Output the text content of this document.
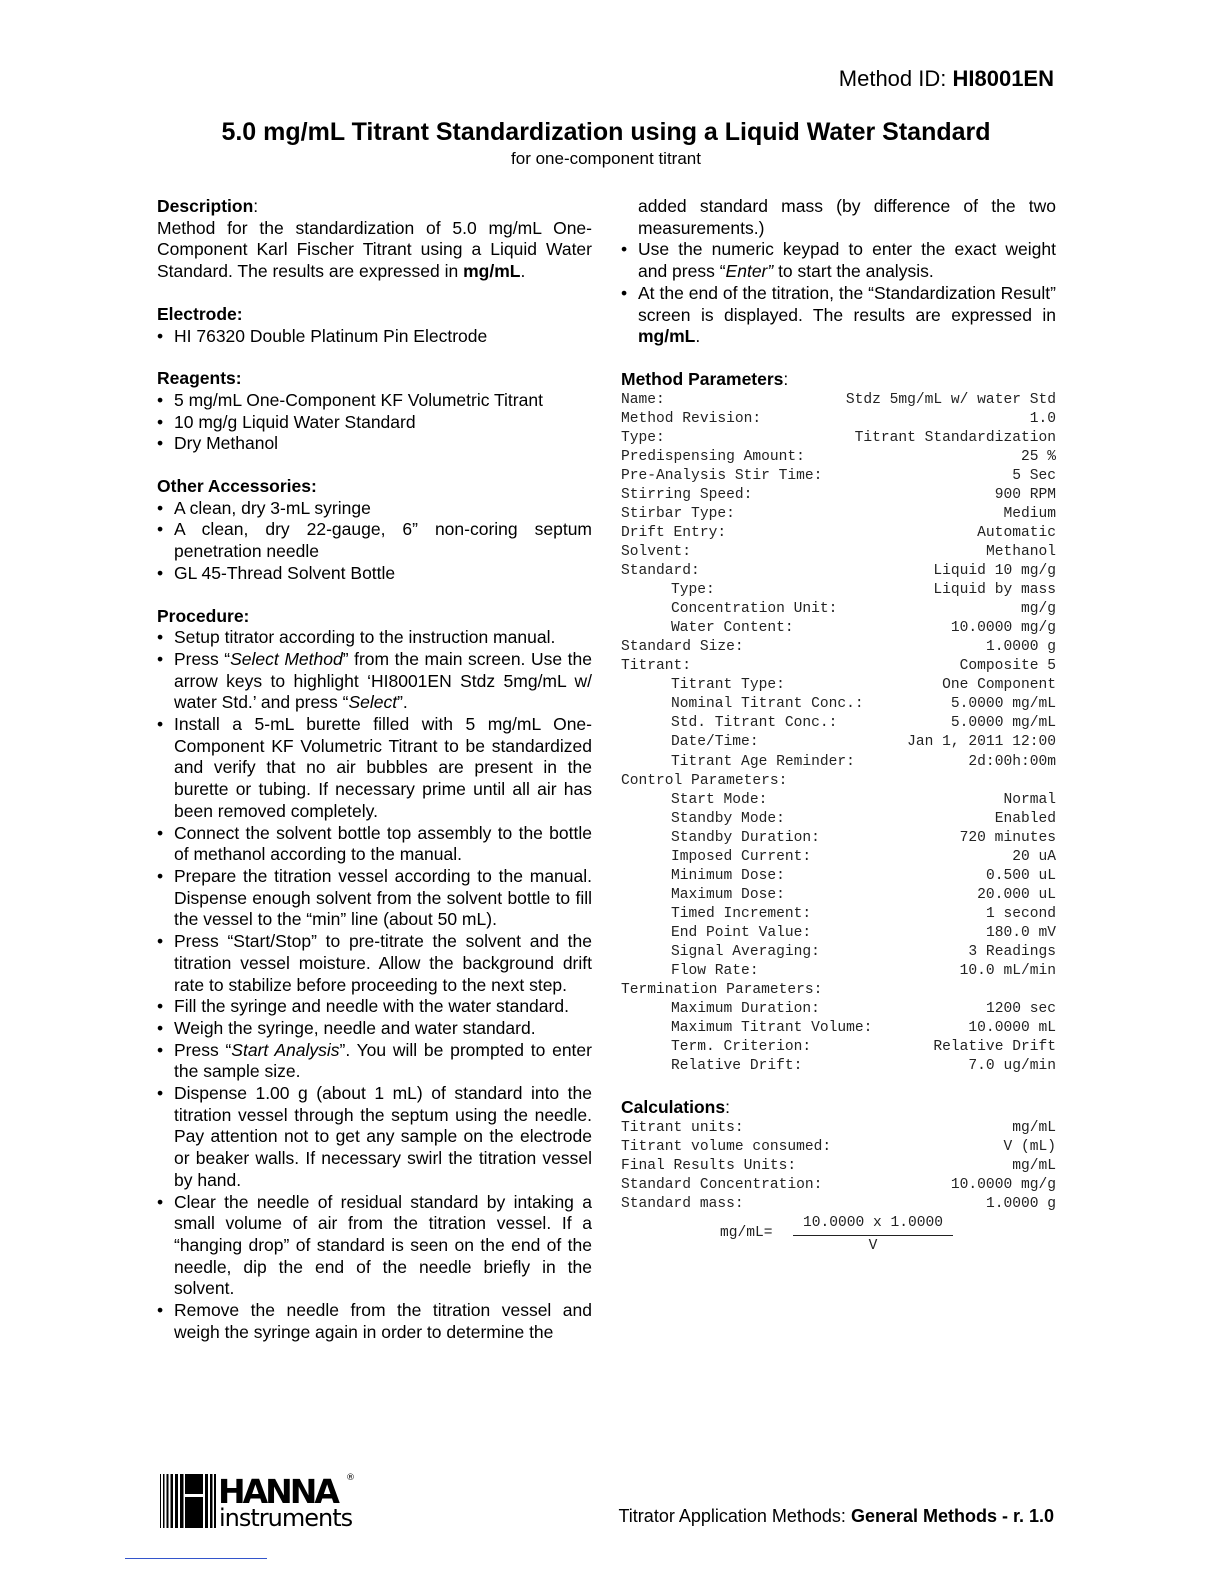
Method ID: HI8001EN
5.0 mg/mL Titrant Standardization using a Liquid Water Standard
for one-component titrant

Description:

Method for the standardization of 5.0 mg/mL One-Component Karl Fischer Titrant using a Liquid Water Standard. The results are expressed in mg/mL.

Electrode:

• HI 76320 Double Platinum Pin Electrode

Reagents:

• 5 mg/mL One-Component KF Volumetric Titrant
• 10 mg/g Liquid Water Standard
• Dry Methanol

Other Accessories:

• A clean, dry 3-mL syringe
• A clean, dry 22-gauge, 6” non-coring septum penetration needle
• GL 45-Thread Solvent Bottle

Procedure:

• Setup titrator according to the instruction manual.
• Press “Select Method” from the main screen. Use the arrow keys to highlight ‘HI8001EN Stdz 5mg/mL w/ water Std.’ and press “Select”.
• Install a 5-mL burette filled with 5 mg/mL One-Component KF Volumetric Titrant to be standardized and verify that no air bubbles are present in the burette or tubing. If necessary prime until all air has been removed completely.
• Connect the solvent bottle top assembly to the bottle of methanol according to the manual.
• Prepare the titration vessel according to the manual. Dispense enough solvent from the solvent bottle to fill the vessel to the “min” line (about 50 mL).
• Press “Start/Stop” to pre-titrate the solvent and the titration vessel moisture. Allow the background drift rate to stabilize before proceeding to the next step.
• Fill the syringe and needle with the water standard.
• Weigh the syringe, needle and water standard.
• Press “Start Analysis”. You will be prompted to enter the sample size.
• Dispense 1.00 g (about 1 mL) of standard into the titration vessel through the septum using the needle. Pay attention not to get any sample on the electrode or beaker walls. If necessary swirl the titration vessel by hand.
• Clear the needle of residual standard by intaking a small volume of air from the titration vessel. If a “hanging drop” of standard is seen on the end of the needle, dip the end of the needle briefly in the solvent.
• Remove the needle from the titration vessel and weigh the syringe again in order to determine the

added standard mass (by difference of the two measurements.)

• Use the numeric keypad to enter the exact weight and press “Enter” to start the analysis.
• At the end of the titration, the “Standardization Result” screen is displayed. The results are expressed in mg/mL.

Method Parameters:

Name:	Stdz 5mg/mL w/ water Std
Method Revision:	1.0
Type:	Titrant Standardization
Predispensing Amount:	25 %
Pre-Analysis Stir Time:	5 Sec
Stirring Speed:	900 RPM
Stirbar Type:	Medium
Drift Entry:	Automatic
Solvent:	Methanol
Standard:	Liquid 10 mg/g
Type:	Liquid by mass
Concentration Unit:	mg/g
Water Content:	10.0000 mg/g
Standard Size:	1.0000 g
Titrant:	Composite 5
Titrant Type:	One Component
Nominal Titrant Conc.:	5.0000 mg/mL
Std. Titrant Conc.:	5.0000 mg/mL
Date/Time:	Jan 1, 2011 12:00
Titrant Age Reminder:	2d:00h:00m
Control Parameters:
Start Mode:	Normal
Standby Mode:	Enabled
Standby Duration:	720 minutes
Imposed Current:	20 uA
Minimum Dose:	0.500 uL
Maximum Dose:	20.000 uL
Timed Increment:	1 second
End Point Value:	180.0 mV
Signal Averaging:	3 Readings
Flow Rate:	10.0 mL/min
Termination Parameters:
Maximum Duration:	1200 sec
Maximum Titrant Volume:	10.0000 mL
Term. Criterion:	Relative Drift
Relative Drift:	7.0 ug/min

Calculations:

Titrant units:	mg/mL
Titrant volume consumed:	V (mL)
Final Results Units:	mg/mL
Standard Concentration:	10.0000 mg/g
Standard mass:	1.0000 g
mg/mL=
10.0000 x 1.0000
V
HANNA	®
instruments	Titrator Application Methods: General Methods - r. 1.0
